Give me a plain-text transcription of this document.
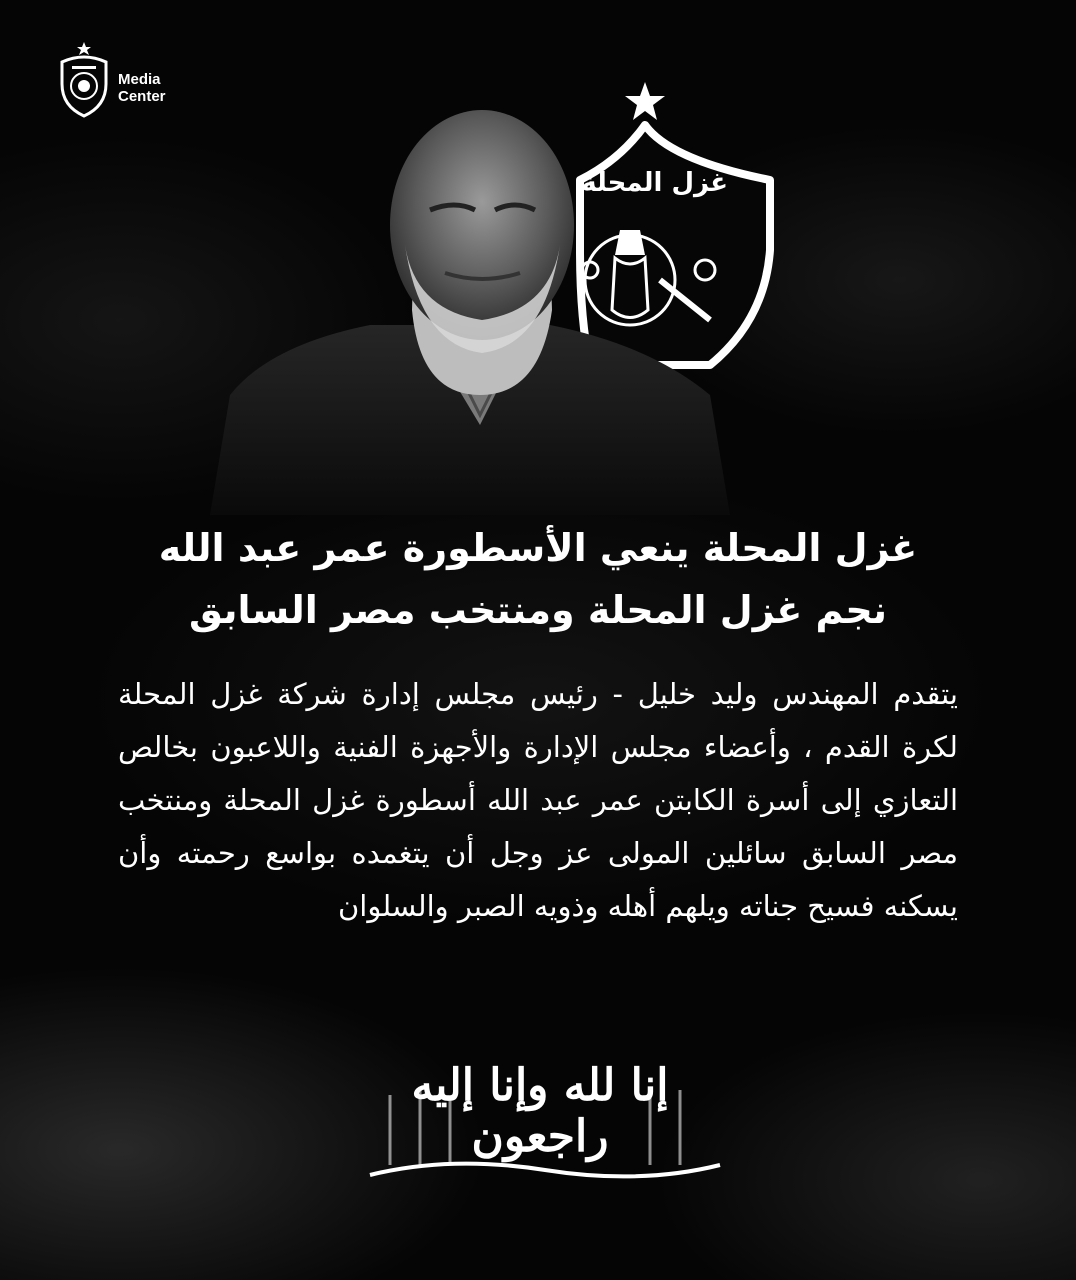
Media
Center
غزل المحلة
غزل المحلة ينعي الأسطورة عمر عبد الله
نجم غزل المحلة ومنتخب مصر السابق

يتقدم المهندس وليد خليل - رئيس مجلس إدارة شركة غزل المحلة لكرة القدم ، وأعضاء مجلس الإدارة والأجهزة الفنية واللاعبون بخالص التعازي إلى أسرة الكابتن عمر عبد الله أسطورة غزل المحلة ومنتخب مصر السابق سائلين المولى عز وجل أن يتغمده بواسع رحمته وأن يسكنه فسيح جناته ويلهم أهله وذويه الصبر والسلوان

إنا لله وإنا إليه راجعون
